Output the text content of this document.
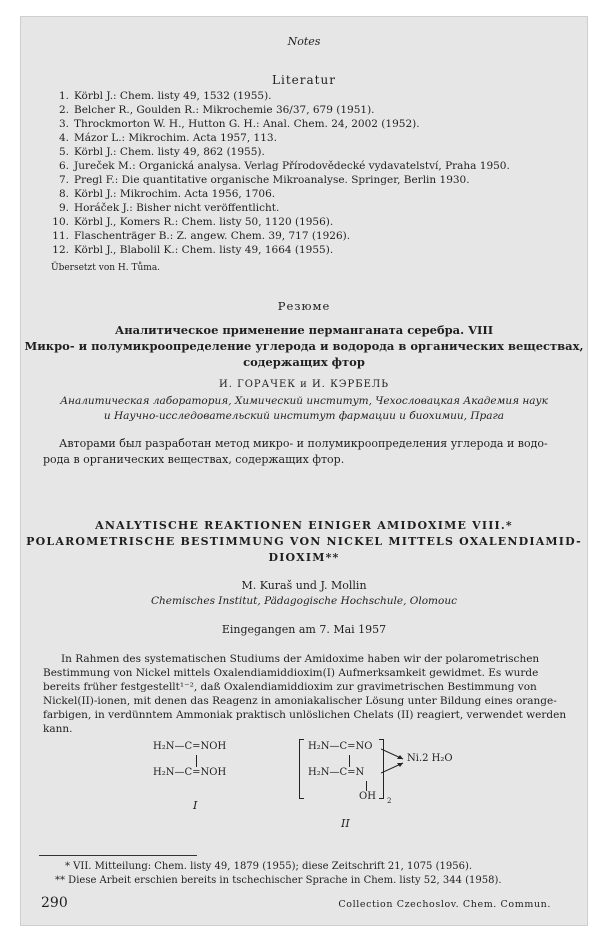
Notes
Literatur
1. Körbl J.: Chem. listy 49, 1532 (1955).
2. Belcher R., Goulden R.: Mikrochemie 36/37, 679 (1951).
3. Throckmorton W. H., Hutton G. H.: Anal. Chem. 24, 2002 (1952).
4. Mázor L.: Mikrochim. Acta 1957, 113.
5. Körbl J.: Chem. listy 49, 862 (1955).
6. Jureček M.: Organická analysa. Verlag Přírodovědecké vydavatelství, Praha 1950.
7. Pregl F.: Die quantitative organische Mikroanalyse. Springer, Berlin 1930.
8. Körbl J.: Mikrochim. Acta 1956, 1706.
9. Horáček J.: Bisher nicht veröffentlicht.
10. Körbl J., Komers R.: Chem. listy 50, 1120 (1956).
11. Flaschenträger B.: Z. angew. Chem. 39, 717 (1926).
12. Körbl J., Blabolil K.: Chem. listy 49, 1664 (1955).
Übersetzt von H. Tůma.
Резюме
Аналитическое применение перманганата серебра. VIII
Микро- и полумикроопределение углерода и водорода в органических веществах,
содержащих фтор
И. ГОРАЧЕК и И. КЭРБЕЛЬ
Аналитическая лаборатория, Химический институт, Чехословацкая Академия наук
и Научно-исследовательский институт фармации и биохимии, Прага
Авторами был разработан метод микро- и полумикроопределения углерода и водо-
рода в органических веществах, содержащих фтор.
ANALYTISCHE REAKTIONEN EINIGER AMIDOXIME VIII.*
POLAROMETRISCHE BESTIMMUNG VON NICKEL MITTELS OXALENDIAMID-
DIOXIM**
M. Kuraš und J. Mollin
Chemisches Institut, Pädagogische Hochschule, Olomouc
Eingegangen am 7. Mai 1957
In Rahmen des systematischen Studiums der Amidoxime haben wir der polarometrischen
Bestimmung von Nickel mittels Oxalendiamiddioxim(I) Aufmerksamkeit gewidmet. Es wurde
bereits früher festgestellt¹⁻², daß Oxalendiamiddioxim zur gravimetrischen Bestimmung von
Nickel(II)-ionen, mit denen das Reagenz in amoniakalischer Lösung unter Bildung eines orange-
farbigen, in verdünntem Ammoniak praktisch unlöslichen Chelats (II) reagiert, verwendet werden
kann.
H₂N—C=NOH
H₂N—C=NOH
I
H₂N—C=NO
H₂N—C=N
OH 2
Ni.2 H₂O
II
* VII. Mitteilung: Chem. listy 49, 1879 (1955); diese Zeitschrift 21, 1075 (1956).
** Diese Arbeit erschien bereits in tschechischer Sprache in Chem. listy 52, 344 (1958).
290	Collection Czechoslov. Chem. Commun.
